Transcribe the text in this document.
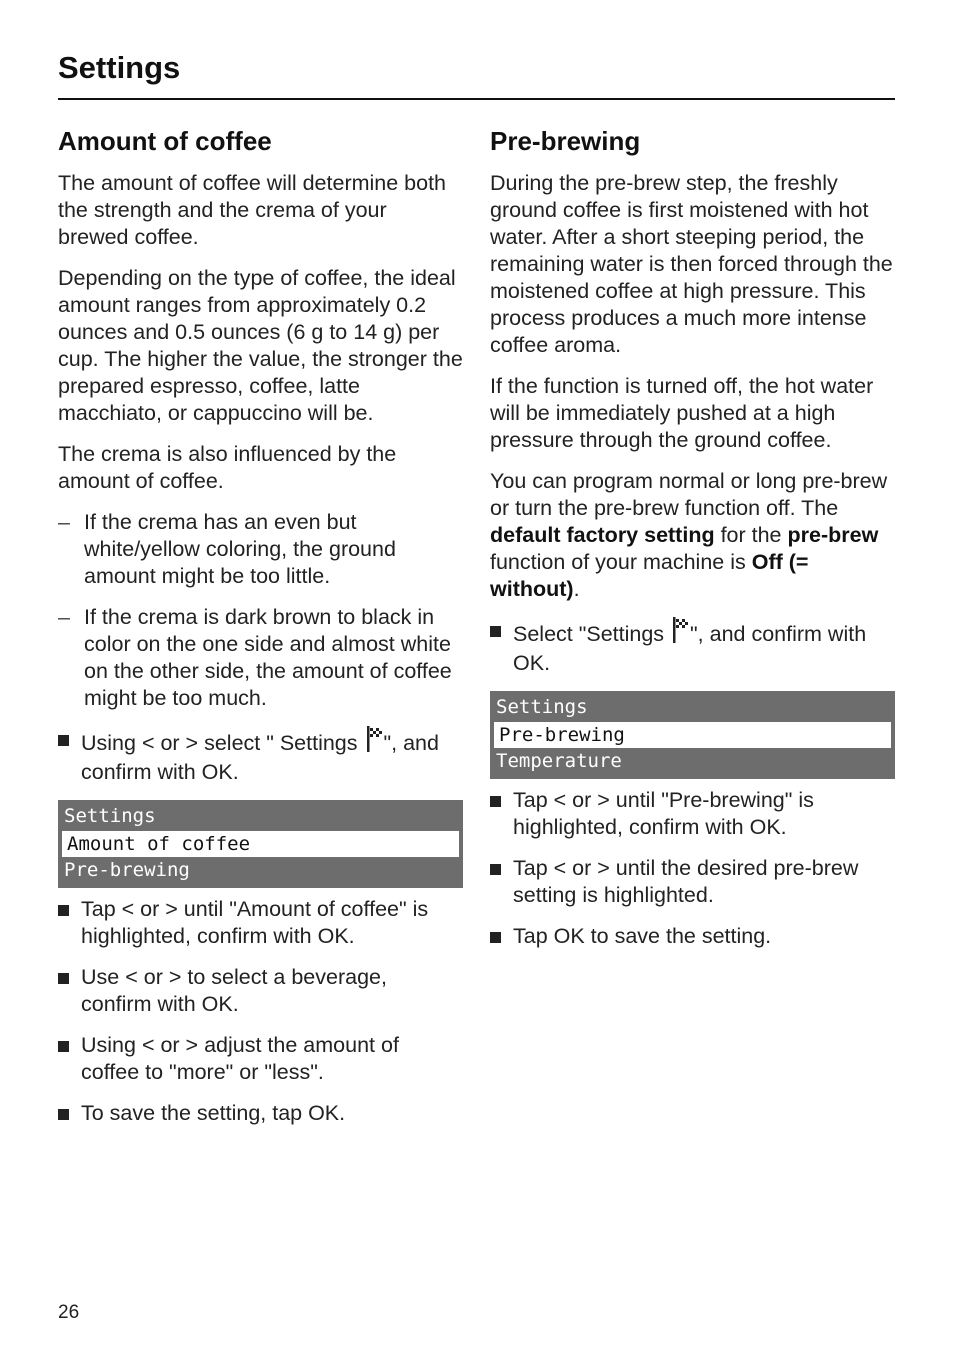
Settings
Amount of coffee

The amount of coffee will determine both the strength and the crema of your brewed coffee.

Depending on the type of coffee, the ideal amount ranges from approximately 0.2 ounces and 0.5 ounces (6 g to 14 g) per cup. The higher the value, the stronger the prepared espresso, coffee, latte macchiato, or cappuccino will be.

The crema is also influenced by the amount of coffee.

– If the crema has an even but white/yellow coloring, the ground amount might be too little.
– If the crema is dark brown to black in color on the one side and almost white on the other side, the amount of coffee might be too much.
Using < or > select " Settings ", and confirm with OK.
Settings
Amount of coffee
Pre-brewing
Tap < or > until "Amount of coffee" is highlighted, confirm with OK.
Use < or > to select a beverage, confirm with OK.
Using < or > adjust the amount of coffee to "more" or "less".
To save the setting, tap OK.
Pre-brewing

During the pre-brew step, the freshly ground coffee is first moistened with hot water. After a short steeping period, the remaining water is then forced through the moistened coffee at high pressure. This process produces a much more intense coffee aroma.

If the function is turned off, the hot water will be immediately pushed at a high pressure through the ground coffee.

You can program normal or long pre-brew or turn the pre-brew function off. The default factory setting for the pre-brew function of your machine is Off (= without).

Select "Settings ", and confirm with OK.
Settings
Pre-brewing
Temperature
Tap < or > until "Pre-brewing" is highlighted, confirm with OK.
Tap < or > until the desired pre-brew setting is highlighted.
Tap OK to save the setting.
26
